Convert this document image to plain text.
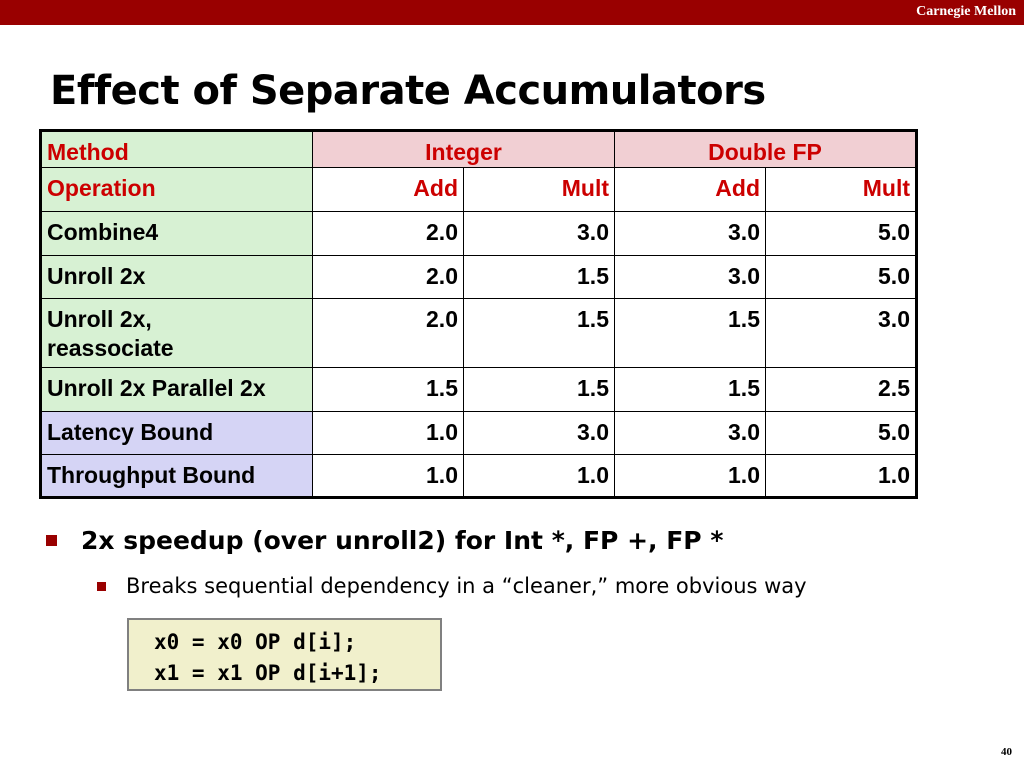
Carnegie Mellon
Effect of Separate Accumulators
Method	Integer		Double FP	
Operation	Add	Mult	Add	Mult
Combine4	2.0	3.0	3.0	5.0
Unroll 2x	2.0	1.5	3.0	5.0

Unroll 2x,
reassociate	2.0	1.5	1.5	3.0
Unroll 2x Parallel 2x	1.5	1.5	1.5	2.5
Latency Bound	1.0	3.0	3.0	5.0
Throughput Bound	1.0	1.0	1.0	1.0
2x speedup (over unroll2) for Int *, FP +, FP *
Breaks sequential dependency in a “cleaner,” more obvious way
x0 = x0 OP d[i];
x1 = x1 OP d[i+1];
40
